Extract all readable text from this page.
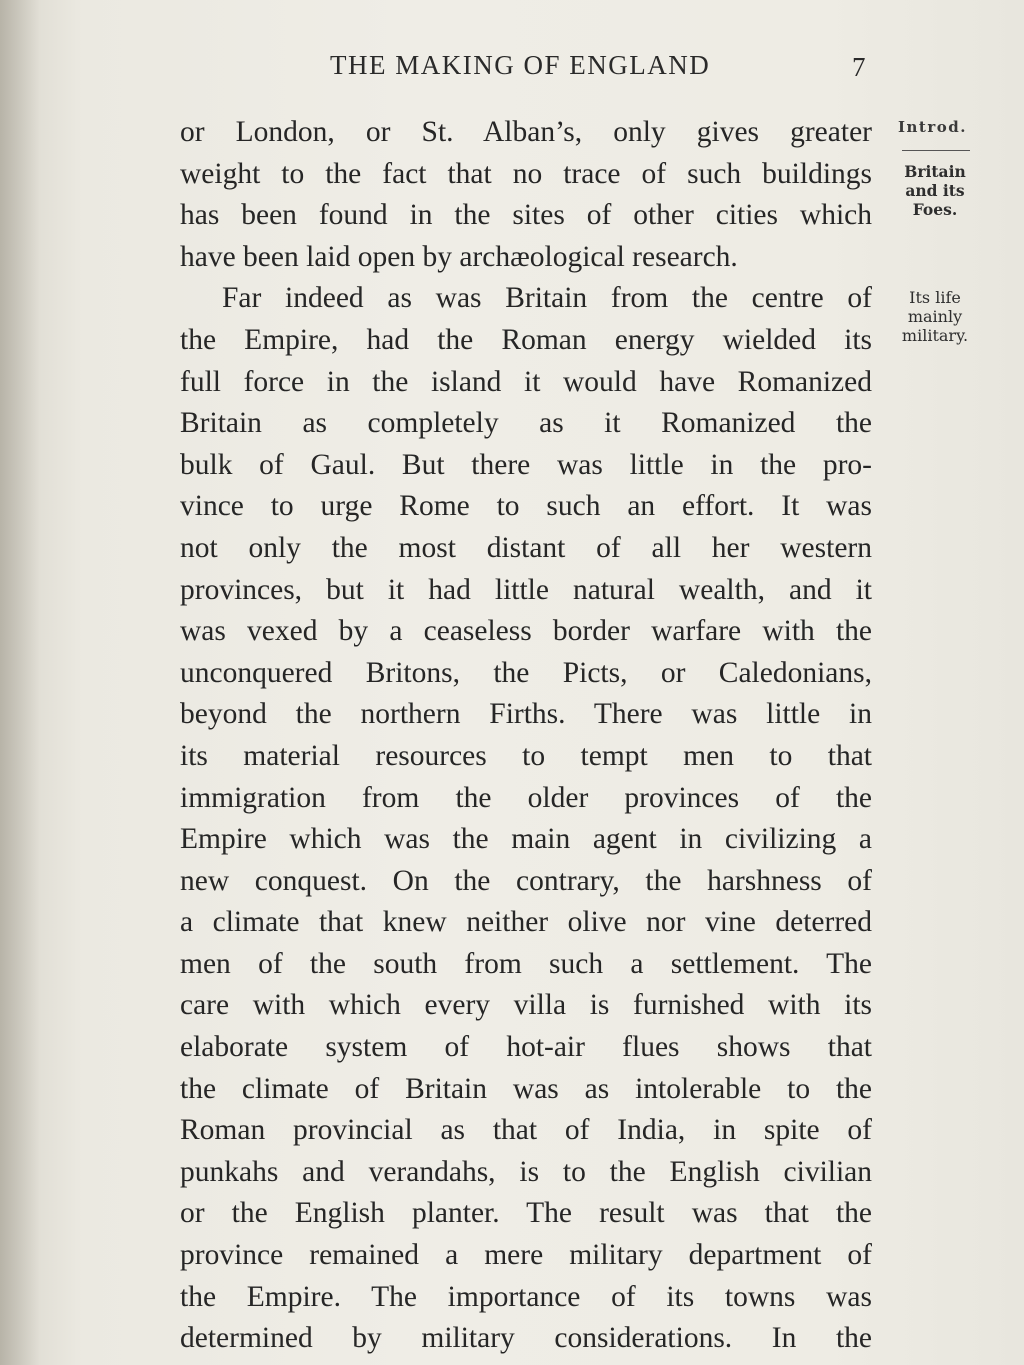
THE MAKING OF ENGLAND	7
or London, or St. Alban’s, only gives greater
weight to the fact that no trace of such buildings
has been found in the sites of other cities which
have been laid open by archæological research.
Far indeed as was Britain from the centre of
the Empire, had the Roman energy wielded its
full force in the island it would have Romanized
Britain as completely as it Romanized the
bulk of Gaul. But there was little in the pro-
vince to urge Rome to such an effort. It was
not only the most distant of all her western
provinces, but it had little natural wealth, and it
was vexed by a ceaseless border warfare with the
unconquered Britons, the Picts, or Caledonians,
beyond the northern Firths. There was little in
its material resources to tempt men to that
immigration from the older provinces of the
Empire which was the main agent in civilizing a
new conquest. On the contrary, the harshness of
a climate that knew neither olive nor vine deterred
men of the south from such a settlement. The
care with which every villa is furnished with its
elaborate system of hot-air flues shows that
the climate of Britain was as intolerable to the
Roman provincial as that of India, in spite of
punkahs and verandahs, is to the English civilian
or the English planter. The result was that the
province remained a mere military department of
the Empire. The importance of its towns was
determined by military considerations. In the
Introd.
Britain
and its
Foes.
Its life
mainly
military.
